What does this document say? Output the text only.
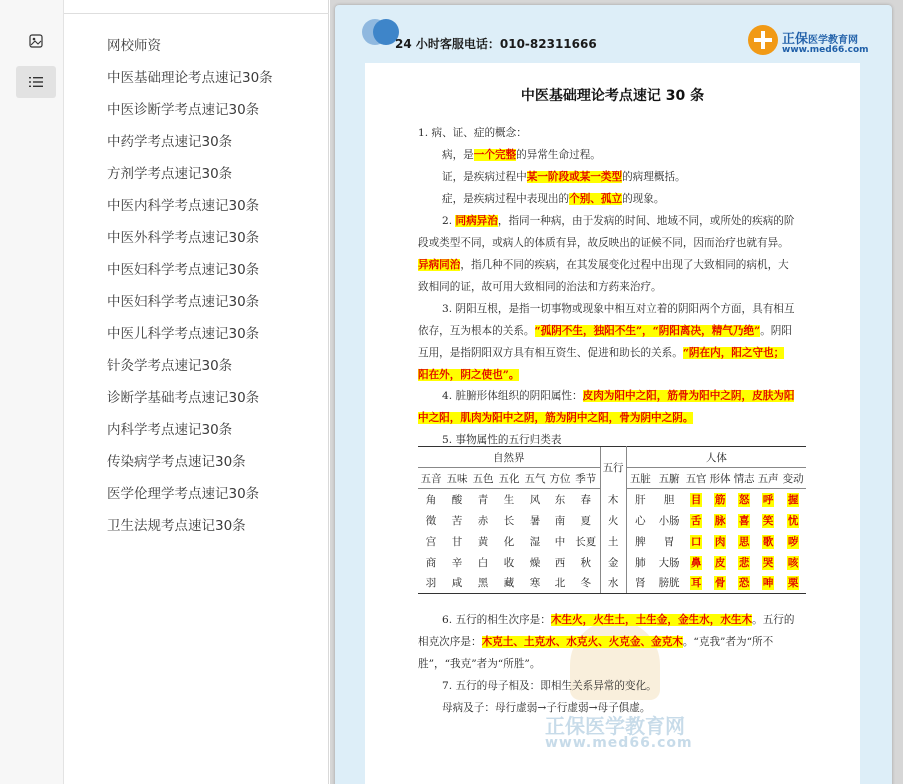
网校师资
中医基础理论考点速记30条
中医诊断学考点速记30条
中药学考点速记30条
方剂学考点速记30条
中医内科学考点速记30条
中医外科学考点速记30条
中医妇科学考点速记30条
中医妇科学考点速记30条
中医儿科学考点速记30条
针灸学考点速记30条
诊断学基础考点速记30条
内科学考点速记30条
传染病学考点速记30条
医学伦理学考点速记30条
卫生法规考点速记30条
24 小时客服电话：010-82311666	正保医学教育网
www.med66.com
正保医学教育网
www.med66.com
中医基础理论考点速记 30 条
1. 病、证、症的概念：
病，是一个完整的异常生命过程。
证，是疾病过程中某一阶段或某一类型的病理概括。
症，是疾病过程中表现出的个别、孤立的现象。
2. 同病异治，指同一种病，由于发病的时间、地域不同，或所处的疾病的阶
段或类型不同，或病人的体质有异，故反映出的证候不同，因而治疗也就有异。
异病同治，指几种不同的疾病，在其发展变化过程中出现了大致相同的病机，大
致相同的证，故可用大致相同的治法和方药来治疗。
3. 阴阳互根，是指一切事物或现象中相互对立着的阴阳两个方面，具有相互
依存，互为根本的关系。“孤阴不生，独阳不生”，“阴阳离决，精气乃绝”。阴阳
互用，是指阴阳双方具有相互资生、促进和助长的关系。“阴在内，阳之守也；
阳在外，阴之使也”。
4. 脏腑形体组织的阴阳属性：皮肉为阳中之阳，筋骨为阳中之阴，皮肤为阳
中之阳，肌肉为阳中之阴，筋为阴中之阳，骨为阴中之阴。
5. 事物属性的五行归类表
自然界							五行	人体						
五音	五味	五色	五化	五气	方位	季节		五脏	五腑	五官	形体	情志	五声	变动
角	酸	青	生	风	东	春	木	肝	胆	目	筋	怒	呼	握
徵	苦	赤	长	暑	南	夏	火	心	小肠	舌	脉	喜	笑	忧
宫	甘	黄	化	湿	中	长夏	土	脾	胃	口	肉	思	歌	哕
商	辛	白	收	燥	西	秋	金	肺	大肠	鼻	皮	悲	哭	咳
羽	咸	黑	藏	寒	北	冬	水	肾	膀胱	耳	骨	恐	呻	栗
6. 五行的相生次序是：木生火，火生土，土生金，金生水，水生木。五行的
相克次序是：木克土、土克水、水克火、火克金、金克木。“克我”者为“所不
胜”，“我克”者为“所胜”。
7. 五行的母子相及：即相生关系异常的变化。
母病及子：母行虚弱→子行虚弱→母子俱虚。
